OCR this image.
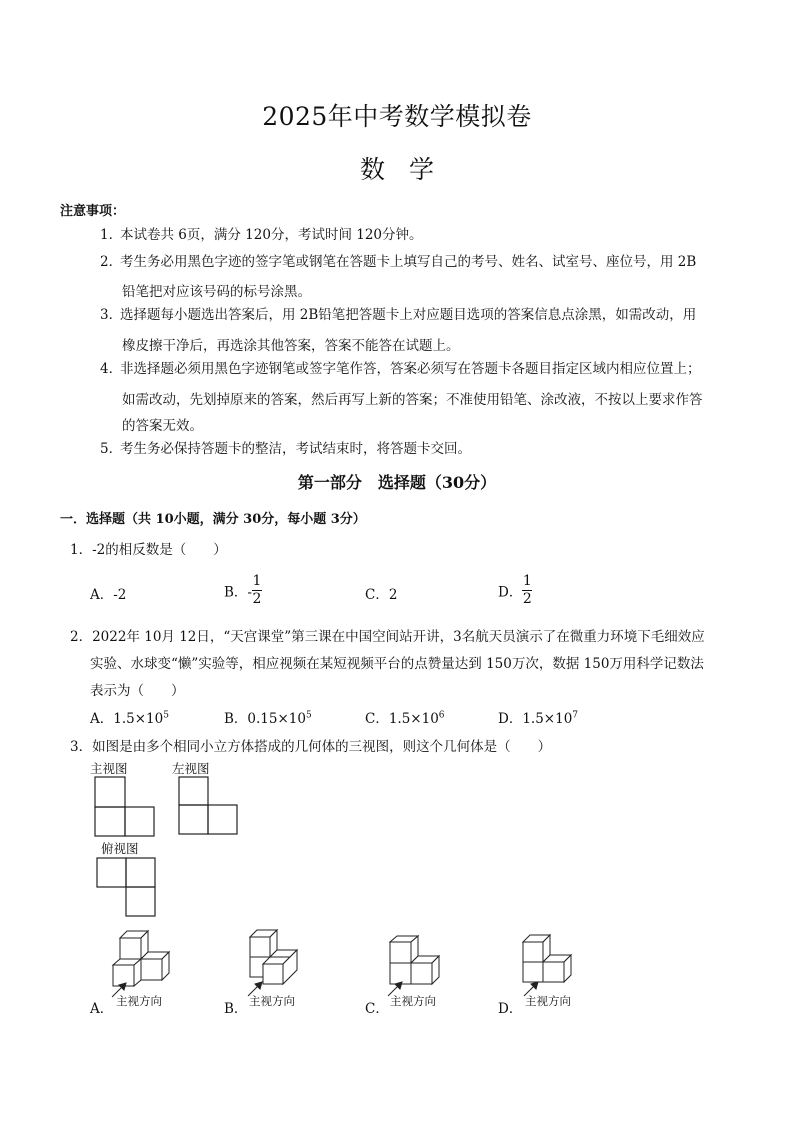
2025年中考数学模拟卷
数学
注意事项：
1．本试卷共 6页，满分 120分，考试时间 120分钟。
2．考生务必用黑色字迹的签字笔或钢笔在答题卡上填写自己的考号、姓名、试室号、座位号，用 2B
铅笔把对应该号码的标号涂黑。
3．选择题每小题选出答案后，用 2B铅笔把答题卡上对应题目选项的答案信息点涂黑，如需改动，用
橡皮擦干净后，再选涂其他答案，答案不能答在试题上。
4．非选择题必须用黑色字迹钢笔或签字笔作答，答案必须写在答题卡各题目指定区域内相应位置上；
如需改动，先划掉原来的答案，然后再写上新的答案；不准使用铅笔、涂改液，不按以上要求作答
的答案无效。
5．考生务必保持答题卡的整洁，考试结束时，将答题卡交回。
第一部分　选择题（30分）
一．选择题（共 10小题，满分 30分，每小题 3分）
1．-2的相反数是（　　）
A．-2	B．- $\frac{1}{2}$	C．2	D． $\frac{1}{2}$
2．2022年 10月 12日，“天宫课堂”第三课在中国空间站开讲，3名航天员演示了在微重力环境下毛细效应
实验、水球变“懒”实验等，相应视频在某短视频平台的点赞量达到 150万次，数据 150万用科学记数法
表示为（　　）
A．$1.5\times 10^5$	B．$0.15\times 10^5$	C．$1.5\times 10^6$	D．$1.5\times 10^7$
3．如图是由多个相同小立方体搭成的几何体的三视图，则这个几何体是（　　）
主视图	左视图
俯视图
主视方向	主视方向	主视方向	主视方向
A．	B．	C．	D．
